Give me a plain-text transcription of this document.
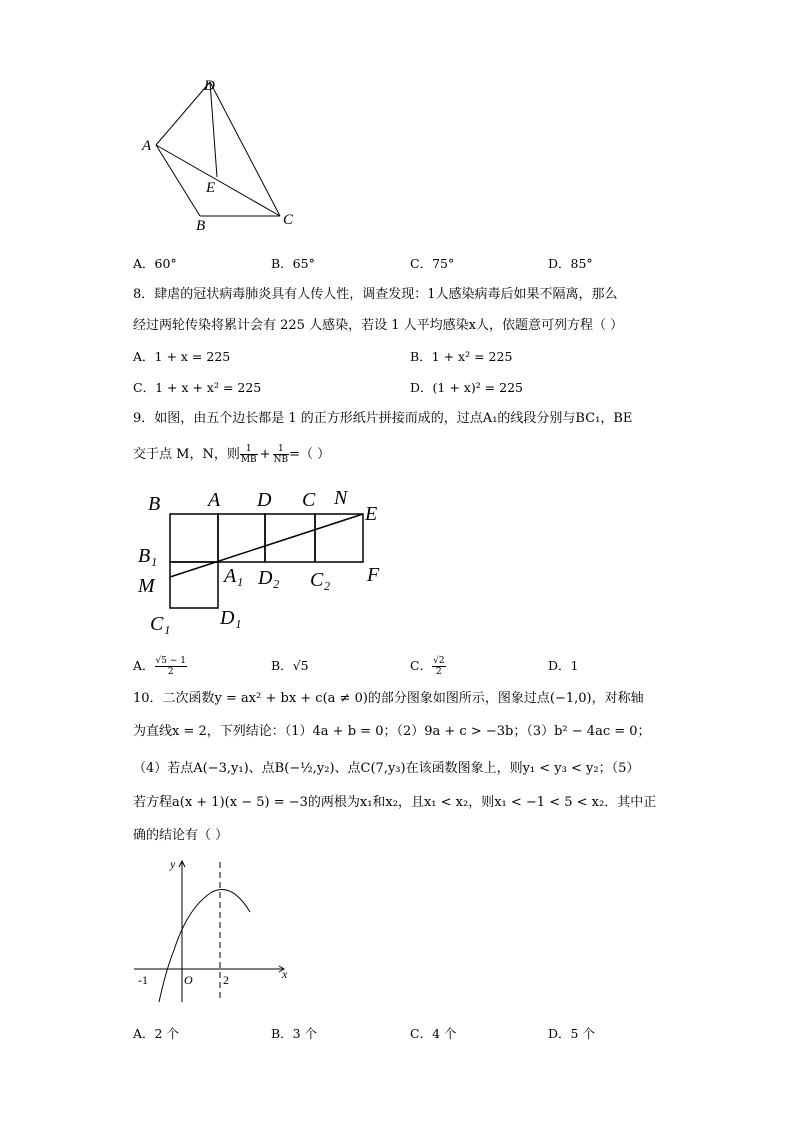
D
A
E
B	C
A．60°	B．65°	C．75°	D．85°
8．肆虐的冠状病毒肺炎具有人传人性，调查发现：1人感染病毒后如果不隔离，那么
经过两轮传染将累计会有 225 人感染，若设 1 人平均感染x人，依题意可列方程（ ）
A．1 + x = 225	B．1 + x² = 225
C．1 + x + x² = 225	D．(1 + x)² = 225
9．如图，由五个边长都是 1 的正方形纸片拼接而成的，过点A₁的线段分别与BC₁，BE
交于点 M，N，则 $\frac{1}{MB} + \frac{1}{NB}$ =（ ）
B A D C N
E
B₁
M	A₁ D₂ C₂ F
C₁ D₁
A． $\frac{√5 - 1}{2}$	B．√5	C． $\frac{√2}{2}$	D．1
10．二次函数y = ax² + bx + c(a ≠ 0)的部分图象如图所示，图象过点(−1,0)，对称轴
为直线x = 2，下列结论：（1）4a + b = 0；（2）9a + c > −3b；（3）b² − 4ac = 0；
（4）若点A(−3,y₁)、点B(−½,y₂)、点C(7,y₃)在该函数图象上，则y₁ < y₃ < y₂；（5）
若方程a(x + 1)(x − 5) = −3的两根为x₁和x₂，且x₁ < x₂，则x₁ < −1 < 5 < x₂．其中正
确的结论有（ ）
y
x
O
-1	2
A．2 个	B．3 个	C．4 个	D．5 个
